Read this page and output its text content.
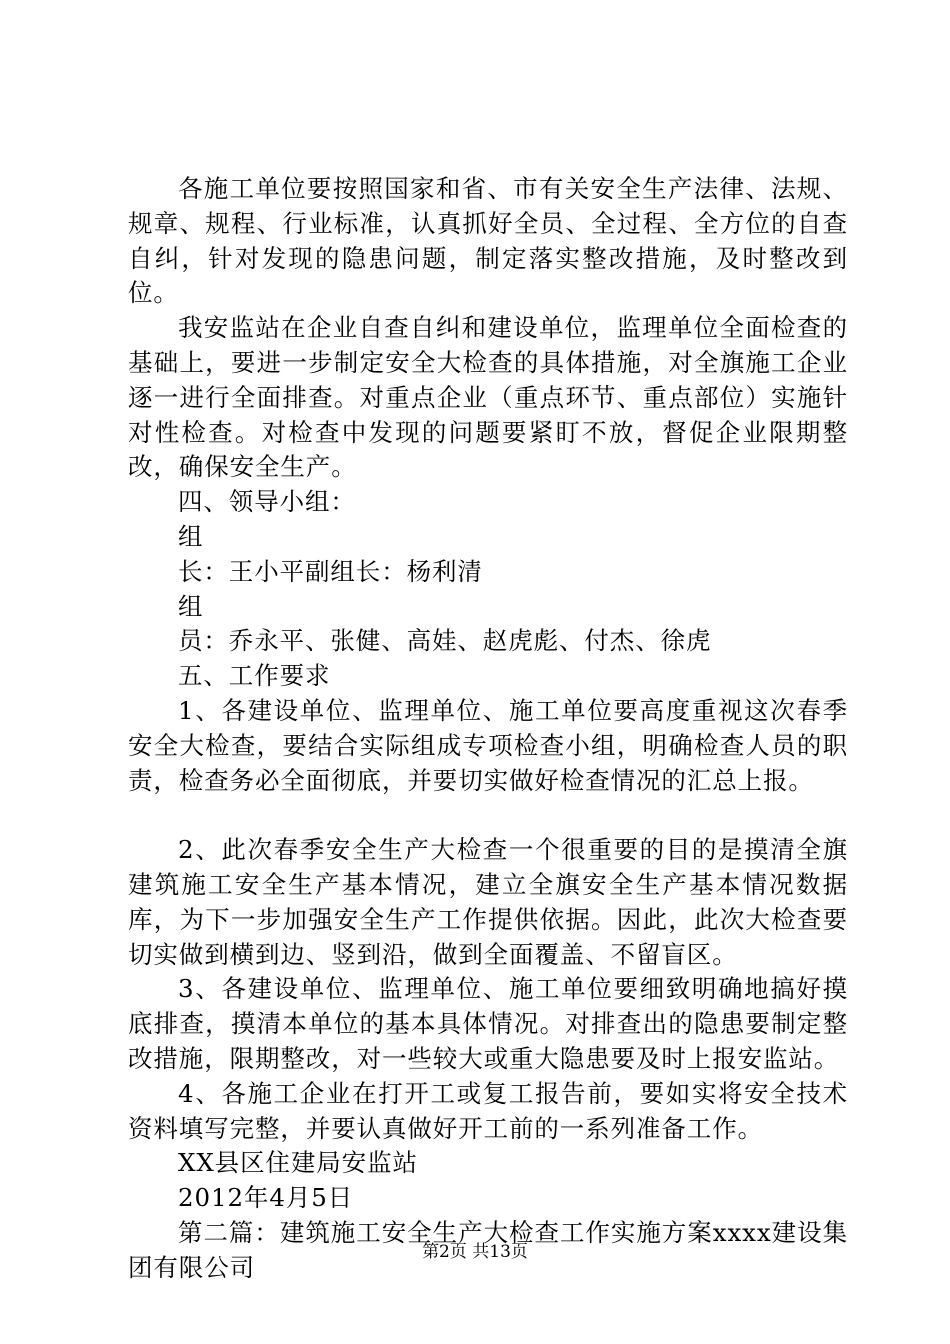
各施工单位要按照国家和省、市有关安全生产法律、法规、规章、规程、行业标准，认真抓好全员、全过程、全方位的自查自纠，针对发现的隐患问题，制定落实整改措施，及时整改到位。

我安监站在企业自查自纠和建设单位，监理单位全面检查的基础上，要进一步制定安全大检查的具体措施，对全旗施工企业逐一进行全面排查。对重点企业（重点环节、重点部位）实施针对性检查。对检查中发现的问题要紧盯不放，督促企业限期整改，确保安全生产。

四、领导小组：

组

长：王小平副组长：杨利清

组

员：乔永平、张健、高娃、赵虎彪、付杰、徐虎

五、工作要求

1、各建设单位、监理单位、施工单位要高度重视这次春季安全大检查，要结合实际组成专项检查小组，明确检查人员的职责，检查务必全面彻底，并要切实做好检查情况的汇总上报。

2、此次春季安全生产大检查一个很重要的目的是摸清全旗建筑施工安全生产基本情况，建立全旗安全生产基本情况数据库，为下一步加强安全生产工作提供依据。因此，此次大检查要切实做到横到边、竖到沿，做到全面覆盖、不留盲区。

3、各建设单位、监理单位、施工单位要细致明确地搞好摸底排查，摸清本单位的基本具体情况。对排查出的隐患要制定整改措施，限期整改，对一些较大或重大隐患要及时上报安监站。

4、各施工企业在打开工或复工报告前，要如实将安全技术资料填写完整，并要认真做好开工前的一系列准备工作。

XX县区住建局安监站

2012年4月5日

第二篇：建筑施工安全生产大检查工作实施方案xxxx建设集团有限公司

第2页 共13页
